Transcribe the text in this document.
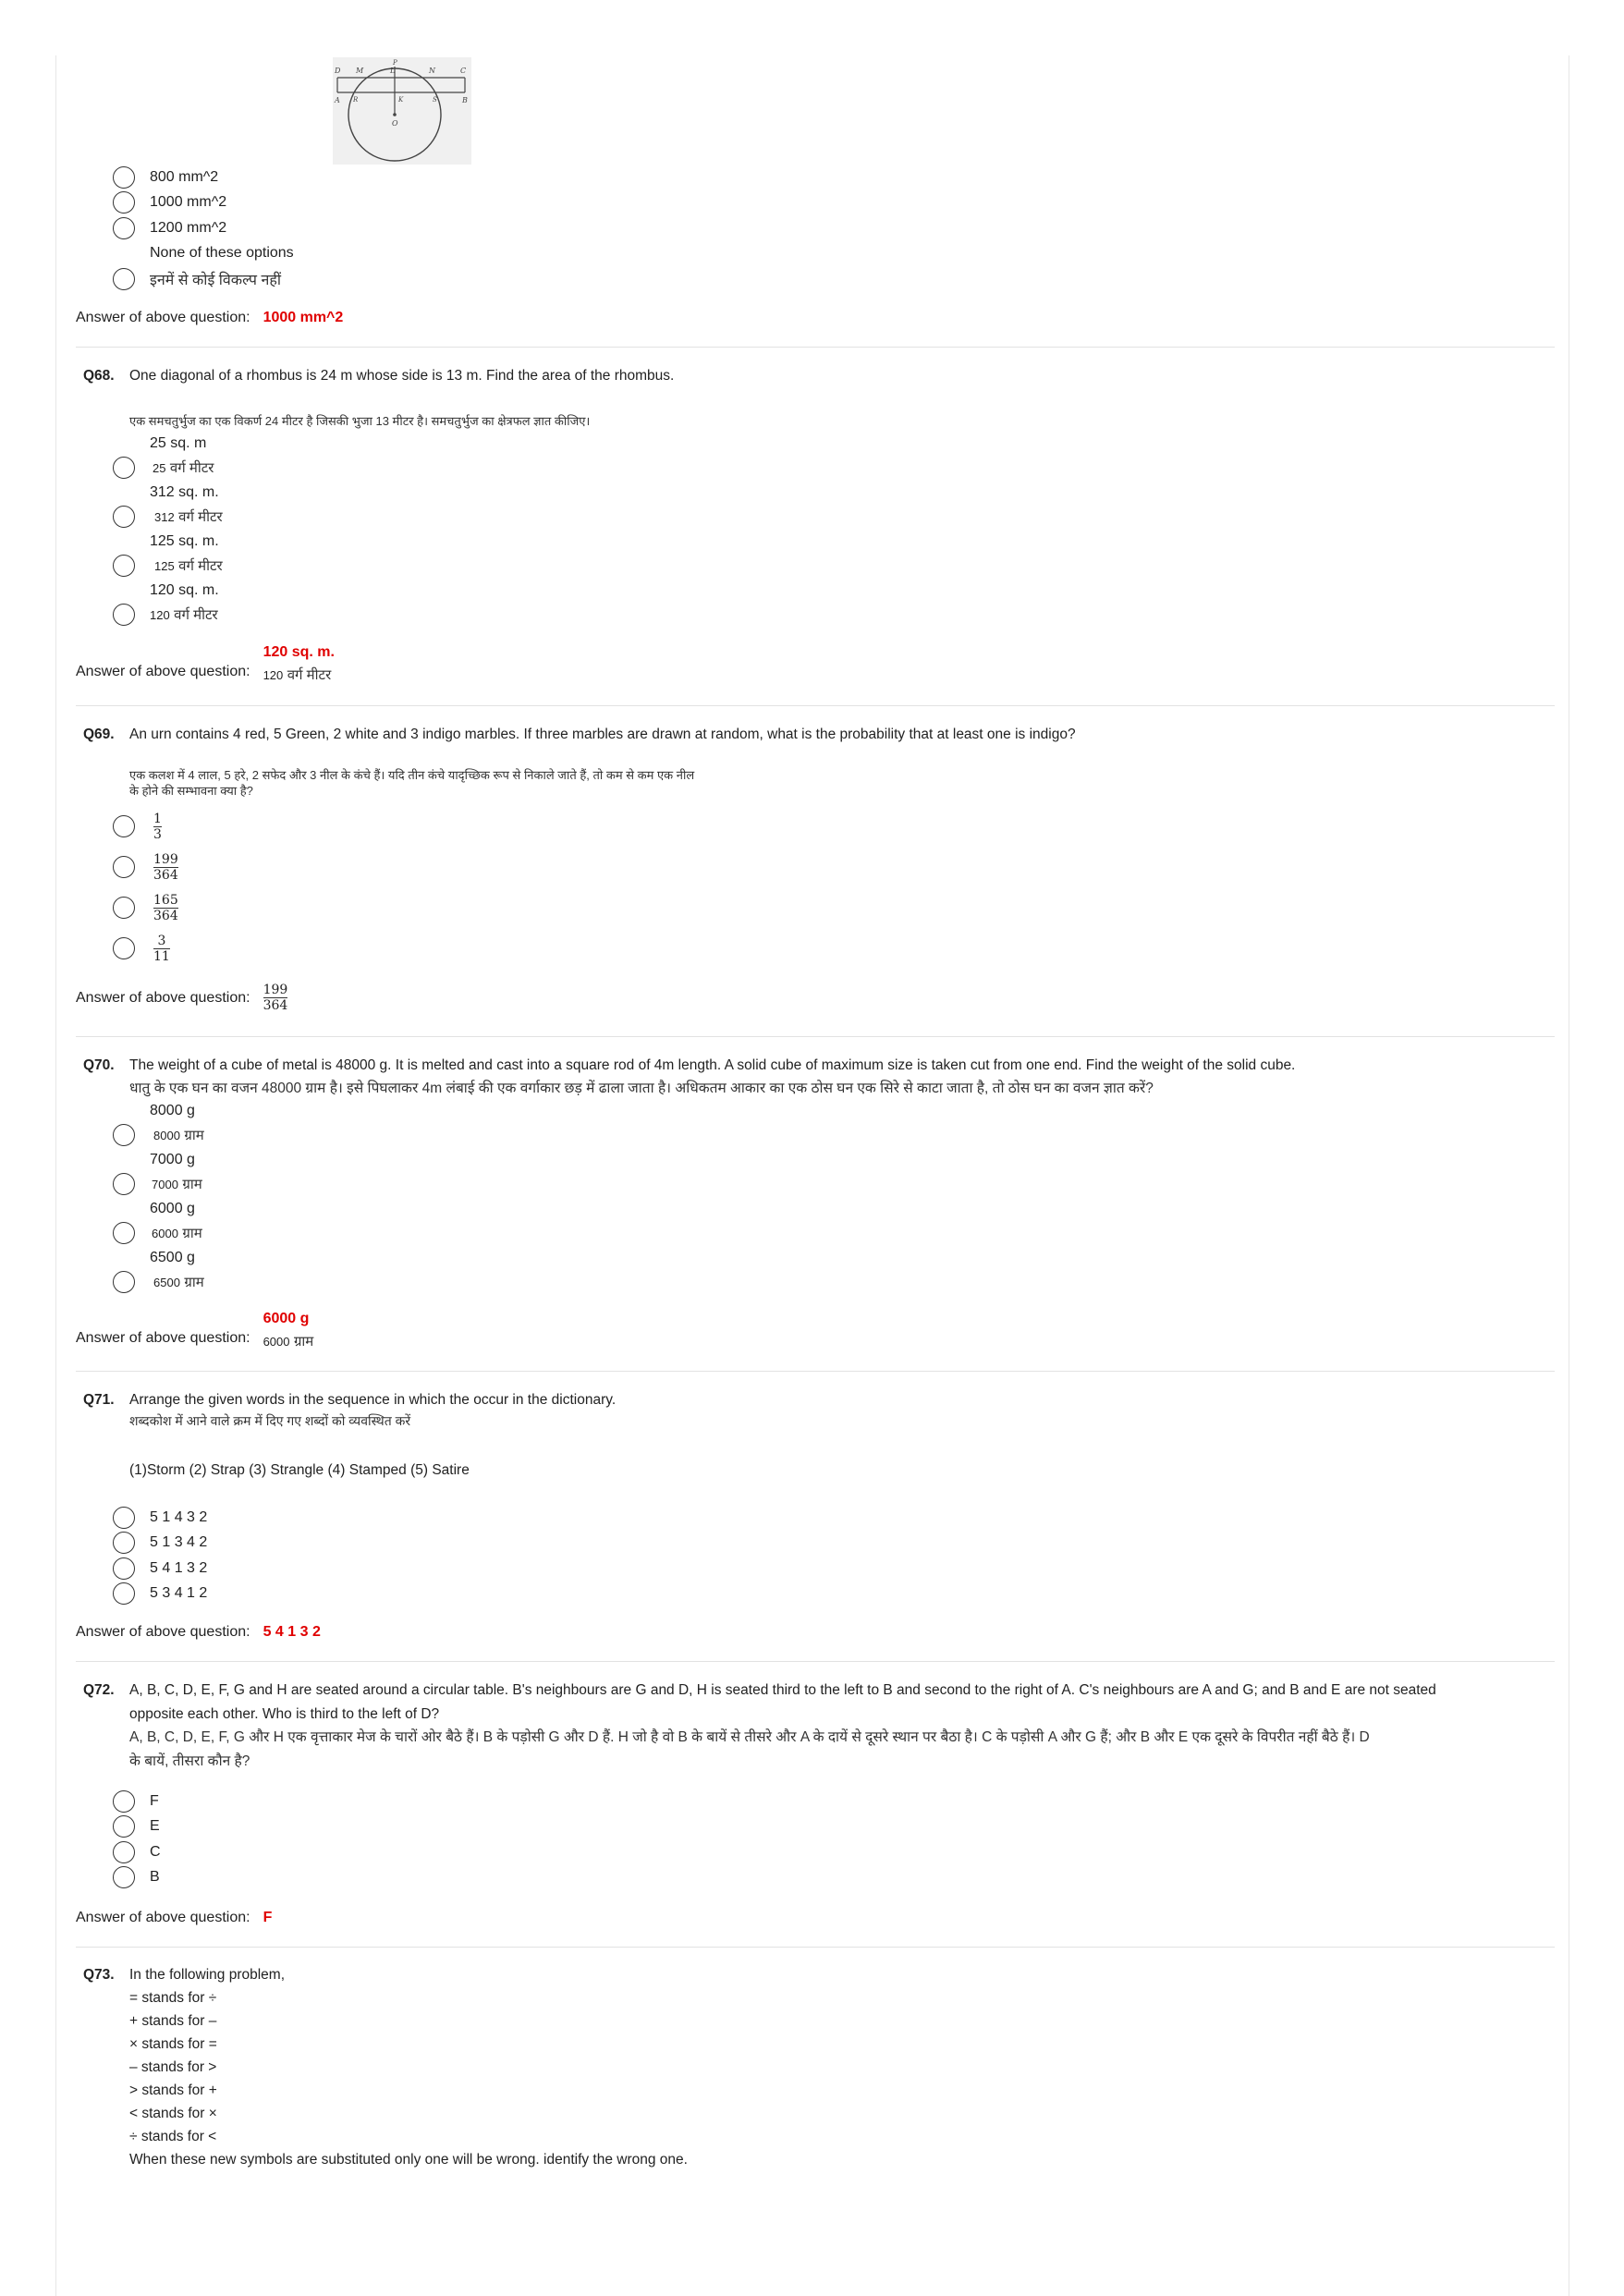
D M	L	N	C
P
A R	K	S	B
O
800 mm^2
1000 mm^2
1200 mm^2
None of these options
इनमें से कोई विकल्प नहीं
Answer of above question: 1000 mm^2
Q68.	One diagonal of a rhombus is 24 m whose side is 13 m. Find the area of the rhombus.
एक समचतुर्भुज का एक विकर्ण 24 मीटर है जिसकी भुजा 13 मीटर है। समचतुर्भुज का क्षेत्रफल ज्ञात कीजिए।
25 sq. m
25
वर्ग मीटर
312 sq. m.
312
वर्ग मीटर
125 sq. m.
125
वर्ग मीटर
120 sq. m.
120
वर्ग मीटर
Answer of above question:
120 sq. m.
120 वर्ग मीटर
Q69.	An urn contains 4 red, 5 Green, 2 white and 3 indigo marbles. If three marbles are drawn at random, what is the probability that at least one is indigo?
एक कलश में 4 लाल, 5 हरे, 2 सफेद और 3 नील के कंचे हैं। यदि तीन कंचे यादृच्छिक रूप से निकाले जाते हैं, तो कम से कम एक नील
के होने की सम्भावना क्या है?
$\frac{1}{3}$
$\frac{199}{364}$
$\frac{165}{364}$
$\frac{3}{11}$
Answer of above question: $\frac{199}{364}$
Q70.	The weight of a cube of metal is 48000 g. It is melted and cast into a square rod of 4m length. A solid cube of maximum size is taken cut from one end. Find the weight of the solid cube.
धातु के एक घन का वजन 48000 ग्राम है। इसे पिघलाकर 4m लंबाई की एक वर्गाकार छड़ में ढाला जाता है। अधिकतम आकार का एक ठोस घन एक सिरे से काटा जाता है, तो ठोस घन का वजन ज्ञात करें?
8000 g
8000
ग्राम
7000 g
7000
ग्राम
6000 g
6000
ग्राम
6500 g
6500
ग्राम
Answer of above question:
6000 g
6000 ग्राम
Q71.	Arrange the given words in the sequence in which the occur in the dictionary.
शब्दकोश में आने वाले क्रम में दिए गए शब्दों को व्यवस्थित करें
(1)Storm (2) Strap (3) Strangle (4) Stamped (5) Satire
5 1 4 3 2
5 1 3 4 2
5 4 1 3 2
5 3 4 1 2
Answer of above question: 5 4 1 3 2
Q72.	A, B, C, D, E, F, G and H are seated around a circular table. B's neighbours are G and D, H is seated third to the left to B and second to the right of A. C's neighbours are A and G; and B and E are not seated
opposite each other. Who is third to the left of D?
A, B, C, D, E, F, G और H एक वृत्ताकार मेज के चारों ओर बैठे हैं। B के पड़ोसी G और D हैं. H जो है वो B के बायें से तीसरे और A के दायें से दूसरे स्थान पर बैठा है। C के पड़ोसी A और G हैं; और B और E एक दूसरे के विपरीत नहीं बैठे हैं। D
के बायें, तीसरा कौन है?
F
E
C
B
Answer of above question: F
Q73.	In the following problem,
= stands for ÷
+ stands for –
× stands for =
– stands for >
> stands for +
< stands for ×
÷ stands for <
When these new symbols are substituted only one will be wrong. identify the wrong one.
